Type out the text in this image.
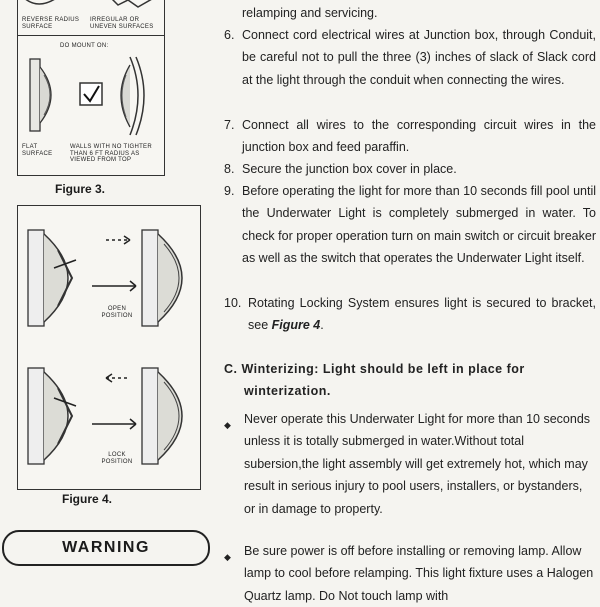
REVERSE RADIUS SURFACE
IRREGULAR OR UNEVEN SURFACES
DO MOUNT ON:
FLAT SURFACE
WALLS WITH NO TIGHTER THAN 6 FT RADIUS AS VIEWED FROM TOP
Figure 3.
OPEN POSITION
LOCK POSITION
Figure 4.
WARNING
relamping and servicing.
6. Connect cord electrical wires at Junction box, through Conduit, be careful not to pull the three (3) inches of slack of Slack cord at the light through the conduit when connecting the wires.
7. Connect all wires to the corresponding circuit wires in the junction box and feed paraffin.
8. Secure the junction box cover in place.
9. Before operating the light for more than 10 seconds fill pool until the Underwater Light is completely submerged in water. To check for proper operation turn on main switch or circuit breaker as well as the switch that operates the Underwater Light itself.
10. Rotating Locking System ensures light is secured to bracket, see Figure 4.
C. Winterizing: Light should be left in place for
winterization.
◆ Never operate this Underwater Light for more than 10 seconds unless it is totally submerged in water.Without total subersion,the light assembly will get extremely hot, which may result in serious injury to pool users, installers, or bystanders, or in damage to property.
◆ Be sure power is off before installing or removing lamp. Allow lamp to cool before relamping. This light fixture uses a Halogen Quartz lamp. Do Not touch lamp with
